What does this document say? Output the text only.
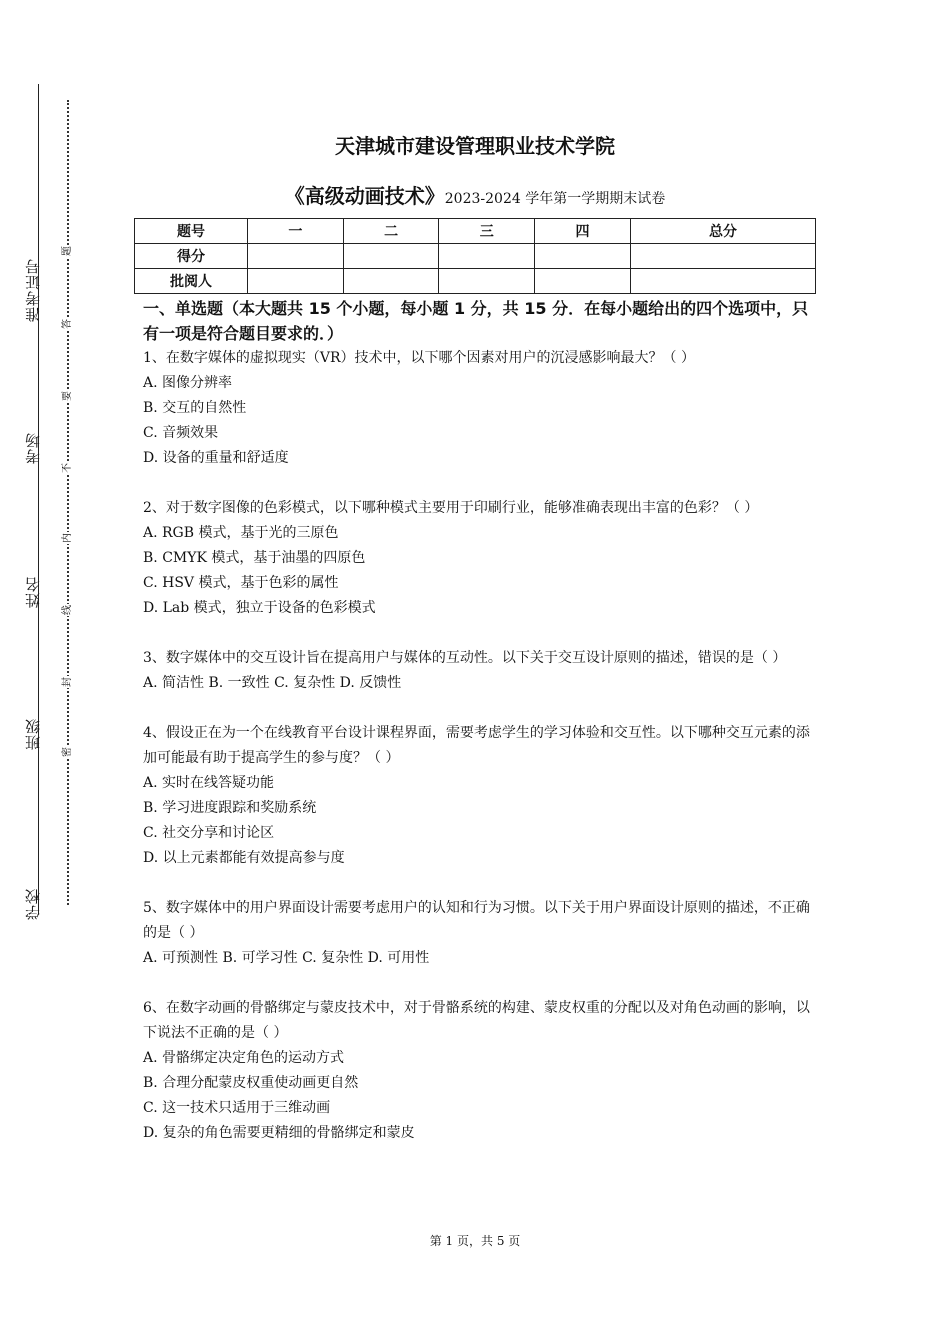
准考证号
考场
姓名
班级
学校
题
答
要
不
内
线
封
密
天津城市建设管理职业技术学院
《高级动画技术》2023-2024 学年第一学期期末试卷
题号	一	二	三	四	总分
得分					
批阅人					
一、单选题（本大题共 15 个小题，每小题 1 分，共 15 分．在每小题给出的四个选项中，只有一项是符合题目要求的．）

1、在数字媒体的虚拟现实（VR）技术中，以下哪个因素对用户的沉浸感影响最大？（ ）

A. 图像分辨率

B. 交互的自然性

C. 音频效果

D. 设备的重量和舒适度

2、对于数字图像的色彩模式，以下哪种模式主要用于印刷行业，能够准确表现出丰富的色彩？（ ）

A. RGB 模式，基于光的三原色

B. CMYK 模式，基于油墨的四原色

C. HSV 模式，基于色彩的属性

D. Lab 模式，独立于设备的色彩模式

3、数字媒体中的交互设计旨在提高用户与媒体的互动性。以下关于交互设计原则的描述，错误的是（ ）

A. 简洁性 B. 一致性 C. 复杂性 D. 反馈性

4、假设正在为一个在线教育平台设计课程界面，需要考虑学生的学习体验和交互性。以下哪种交互元素的添加可能最有助于提高学生的参与度？（ ）

A. 实时在线答疑功能

B. 学习进度跟踪和奖励系统

C. 社交分享和讨论区

D. 以上元素都能有效提高参与度

5、数字媒体中的用户界面设计需要考虑用户的认知和行为习惯。以下关于用户界面设计原则的描述，不正确的是（ ）

A. 可预测性 B. 可学习性 C. 复杂性 D. 可用性

6、在数字动画的骨骼绑定与蒙皮技术中，对于骨骼系统的构建、蒙皮权重的分配以及对角色动画的影响，以下说法不正确的是（ ）

A. 骨骼绑定决定角色的运动方式

B. 合理分配蒙皮权重使动画更自然

C. 这一技术只适用于三维动画

D. 复杂的角色需要更精细的骨骼绑定和蒙皮

第 1 页，共 5 页
